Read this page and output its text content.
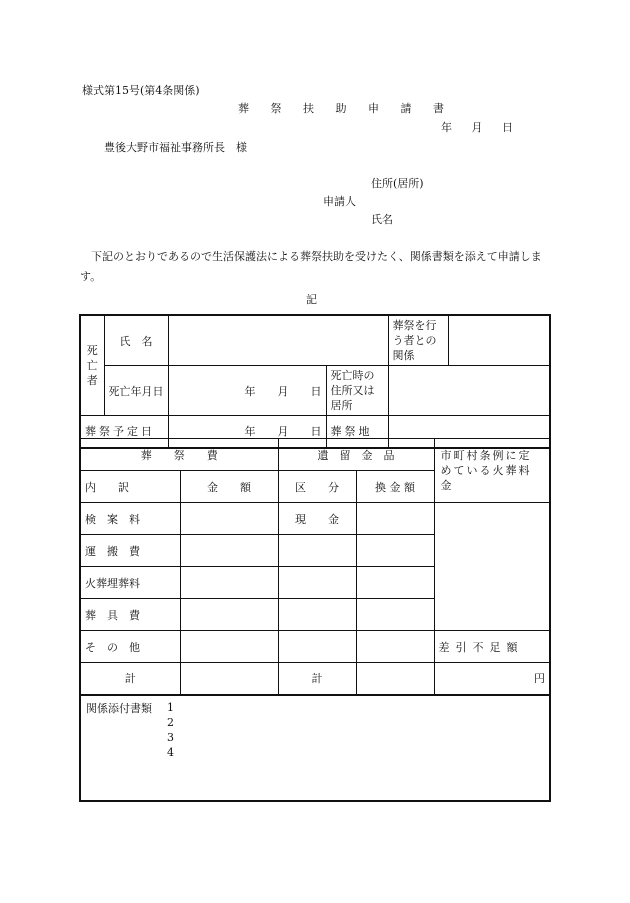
様式第15号(第4条関係)
葬 祭 扶 助 申 請 書
年 月 日
豊後大野市福祉事務所長　様
住所(居所)
申請人
氏名
下記のとおりであるので生活保護法による葬祭扶助を受けたく、関係書類を添えて申請します。
記
死亡者	氏　名			葬祭を行う者との関係	
	死亡年月日	年　　月　　日	死亡時の住所又は居所		
葬祭予定日		年　　月　　日	葬祭地		
葬　　祭　　費		遺　留　金　品		市町村条例に定めている火葬料金
内　　訳	金　　額	区　　分	換 金 額	
検　案　料		現　　金		
運　搬　費				
火葬埋葬料				
葬　具　費				
そ　の　他				差引不足額
計		計		円
関係添付書類 1
2
3
4
